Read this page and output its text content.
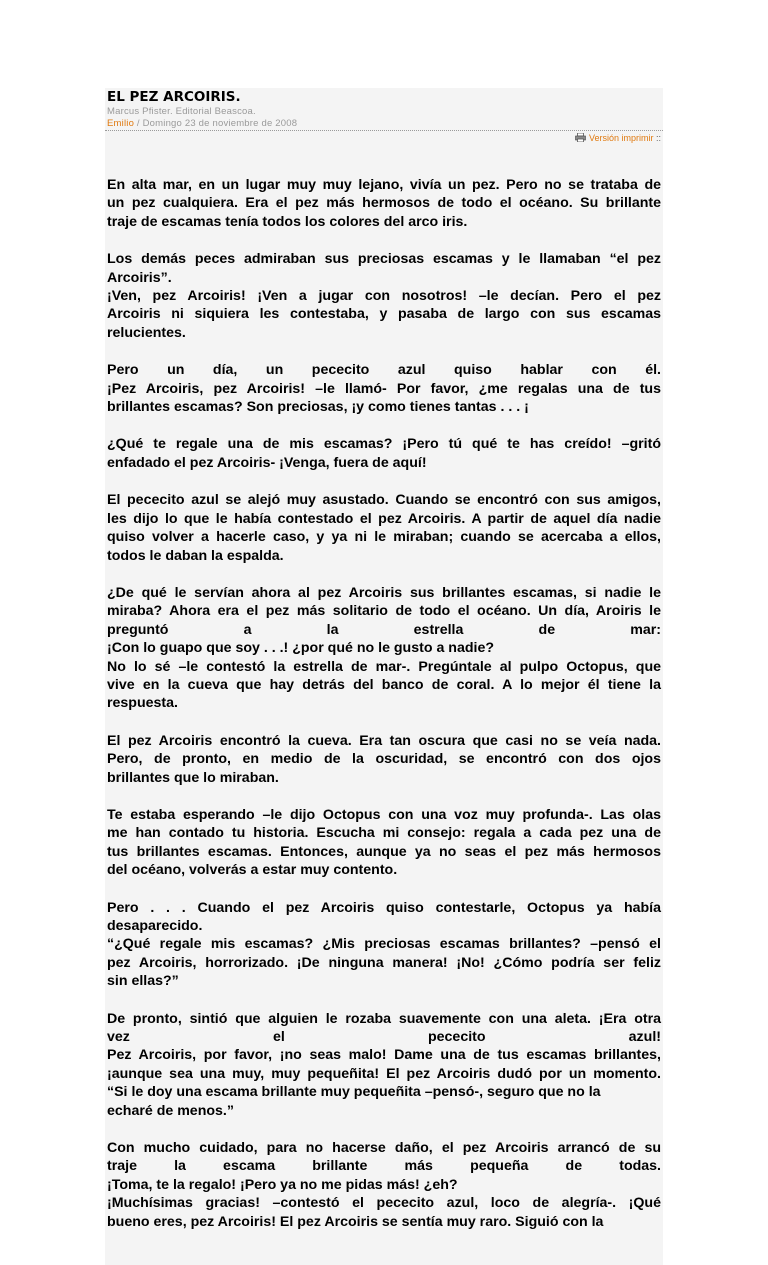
EL PEZ ARCOIRIS.
Marcus Pfister. Editorial Beascoa.
Emilio / Domingo 23 de noviembre de 2008
Versión imprimir ::

En alta mar, en un lugar muy muy lejano, vivía un pez. Pero no se trataba de
un pez cualquiera. Era el pez más hermosos de todo el océano. Su brillante
traje de escamas tenía todos los colores del arco iris.

Los demás peces admiraban sus preciosas escamas y le llamaban “el pez
Arcoiris”.
¡Ven, pez Arcoiris! ¡Ven a jugar con nosotros! –le decían. Pero el pez
Arcoiris ni siquiera les contestaba, y pasaba de largo con sus escamas
relucientes.

Pero un día, un pececito azul quiso hablar con él.
¡Pez Arcoiris, pez Arcoiris! –le llamó- Por favor, ¿me regalas una de tus
brillantes escamas? Son preciosas, ¡y como tienes tantas . . . ¡

¿Qué te regale una de mis escamas? ¡Pero tú qué te has creído! –gritó
enfadado el pez Arcoiris- ¡Venga, fuera de aquí!

El pececito azul se alejó muy asustado. Cuando se encontró con sus amigos,
les dijo lo que le había contestado el pez Arcoiris. A partir de aquel día nadie
quiso volver a hacerle caso, y ya ni le miraban; cuando se acercaba a ellos,
todos le daban la espalda.

¿De qué le servían ahora al pez Arcoiris sus brillantes escamas, si nadie le
miraba? Ahora era el pez más solitario de todo el océano. Un día, Aroiris le
preguntó a la estrella de mar:
¡Con lo guapo que soy . . .! ¿por qué no le gusto a nadie?
No lo sé –le contestó la estrella de mar-. Pregúntale al pulpo Octopus, que
vive en la cueva que hay detrás del banco de coral. A lo mejor él tiene la
respuesta.

El pez Arcoiris encontró la cueva. Era tan oscura que casi no se veía nada.
Pero, de pronto, en medio de la oscuridad, se encontró con dos ojos
brillantes que lo miraban.

Te estaba esperando –le dijo Octopus con una voz muy profunda-. Las olas
me han contado tu historia. Escucha mi consejo: regala a cada pez una de
tus brillantes escamas. Entonces, aunque ya no seas el pez más hermosos
del océano, volverás a estar muy contento.

Pero . . . Cuando el pez Arcoiris quiso contestarle, Octopus ya había
desaparecido.
“¿Qué regale mis escamas? ¿Mis preciosas escamas brillantes? –pensó el
pez Arcoiris, horrorizado. ¡De ninguna manera! ¡No! ¿Cómo podría ser feliz
sin ellas?”

De pronto, sintió que alguien le rozaba suavemente con una aleta. ¡Era otra
vez el pececito azul!
Pez Arcoiris, por favor, ¡no seas malo! Dame una de tus escamas brillantes,
¡aunque sea una muy, muy pequeñita! El pez Arcoiris dudó por un momento.
“Si le doy una escama brillante muy pequeñita –pensó-, seguro que no la
echaré de menos.”

Con mucho cuidado, para no hacerse daño, el pez Arcoiris arrancó de su
traje la escama brillante más pequeña de todas.
¡Toma, te la regalo! ¡Pero ya no me pidas más! ¿eh?
¡Muchísimas gracias! –contestó el pececito azul, loco de alegría-. ¡Qué
bueno eres, pez Arcoiris! El pez Arcoiris se sentía muy raro. Siguió con la
